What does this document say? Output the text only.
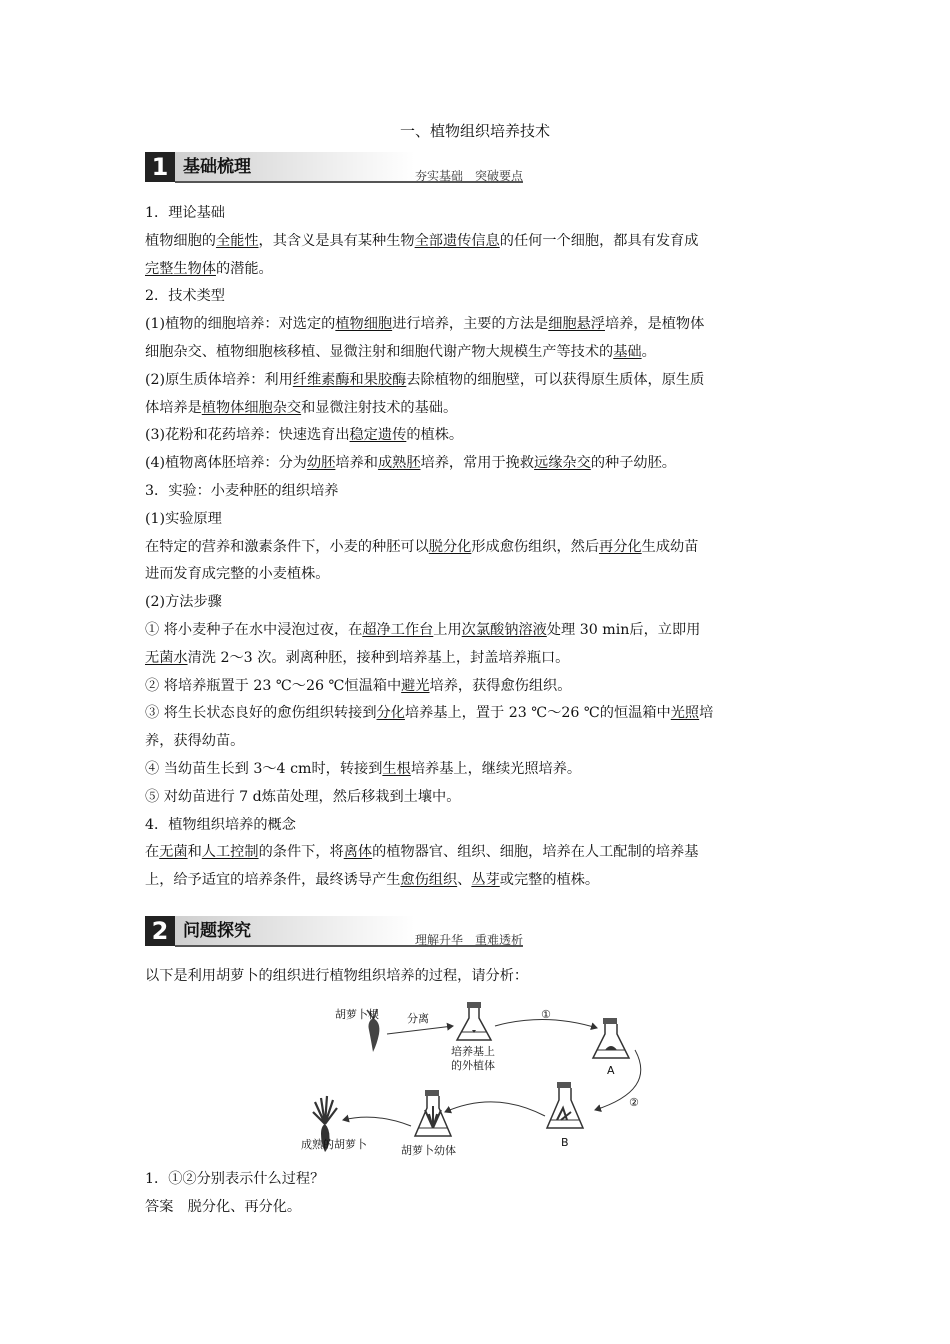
一、植物组织培养技术
1 基础梳理	夯实基础　突破要点

1．理论基础

植物细胞的全能性，其含义是具有某种生物全部遗传信息的任何一个细胞，都具有发育成

完整生物体的潜能。

2．技术类型

(1)植物的细胞培养：对选定的植物细胞进行培养，主要的方法是细胞悬浮培养，是植物体

细胞杂交、植物细胞核移植、显微注射和细胞代谢产物大规模生产等技术的基础。

(2)原生质体培养：利用纤维素酶和果胶酶去除植物的细胞壁，可以获得原生质体，原生质

体培养是植物体细胞杂交和显微注射技术的基础。

(3)花粉和花药培养：快速选育出稳定遗传的植株。

(4)植物离体胚培养：分为幼胚培养和成熟胚培养，常用于挽救远缘杂交的种子幼胚。

3．实验：小麦种胚的组织培养

(1)实验原理

在特定的营养和激素条件下，小麦的种胚可以脱分化形成愈伤组织，然后再分化生成幼苗

进而发育成完整的小麦植株。

(2)方法步骤

① 将小麦种子在水中浸泡过夜，在超净工作台上用次氯酸钠溶液处理 30 min后，立即用

无菌水清洗 2～3 次。剥离种胚，接种到培养基上，封盖培养瓶口。

② 将培养瓶置于 23 ℃～26 ℃恒温箱中避光培养，获得愈伤组织。

③ 将生长状态良好的愈伤组织转接到分化培养基上，置于 23 ℃～26 ℃的恒温箱中光照培

养，获得幼苗。

④ 当幼苗生长到 3～4 cm时，转接到生根培养基上，继续光照培养。

⑤ 对幼苗进行 7 d炼苗处理，然后移栽到土壤中。

4．植物组织培养的概念

在无菌和人工控制的条件下，将离体的植物器官、组织、细胞，培养在人工配制的培养基

上，给予适宜的培养条件，最终诱导产生愈伤组织、丛芽或完整的植株。

2 问题探究	理解升华　重难透析

以下是利用胡萝卜的组织进行植物组织培养的过程，请分析：

胡萝卜根	分离
培养基上
的外植体
①
A
②
B
胡萝卜幼体
成熟的胡萝卜

1．①②分别表示什么过程？

答案　脱分化、再分化。
